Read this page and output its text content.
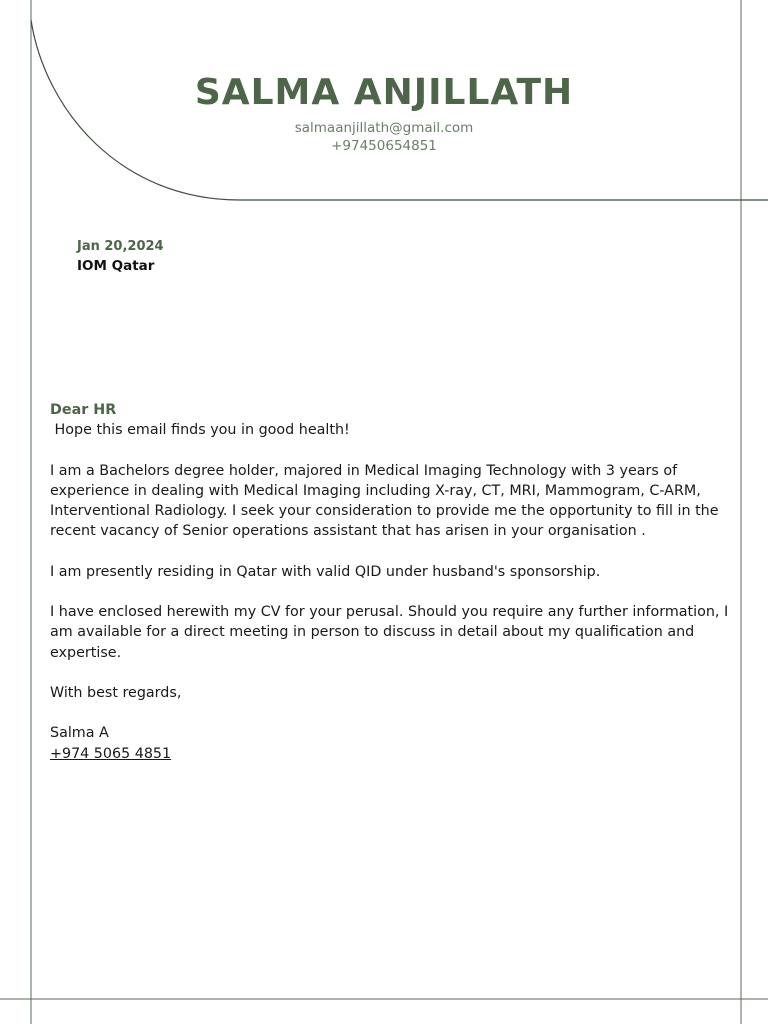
SALMA ANJILLATH
salmaanjillath@gmail.com
+97450654851
Jan 20,2024
IOM Qatar

Dear HR

Hope this email finds you in good health!

I am a Bachelors degree holder, majored in Medical Imaging Technology with 3 years of experience in dealing with Medical Imaging including X-ray, CT, MRI, Mammogram, C-ARM, Interventional Radiology. I seek your consideration to provide me the opportunity to fill in the recent vacancy of Senior operations assistant that has arisen in your organisation .

I am presently residing in Qatar with valid QID under husband's sponsorship.

I have enclosed herewith my CV for your perusal. Should you require any further information, I am available for a direct meeting in person to discuss in detail about my qualification and expertise.

With best regards,

Salma A

+974 5065 4851
